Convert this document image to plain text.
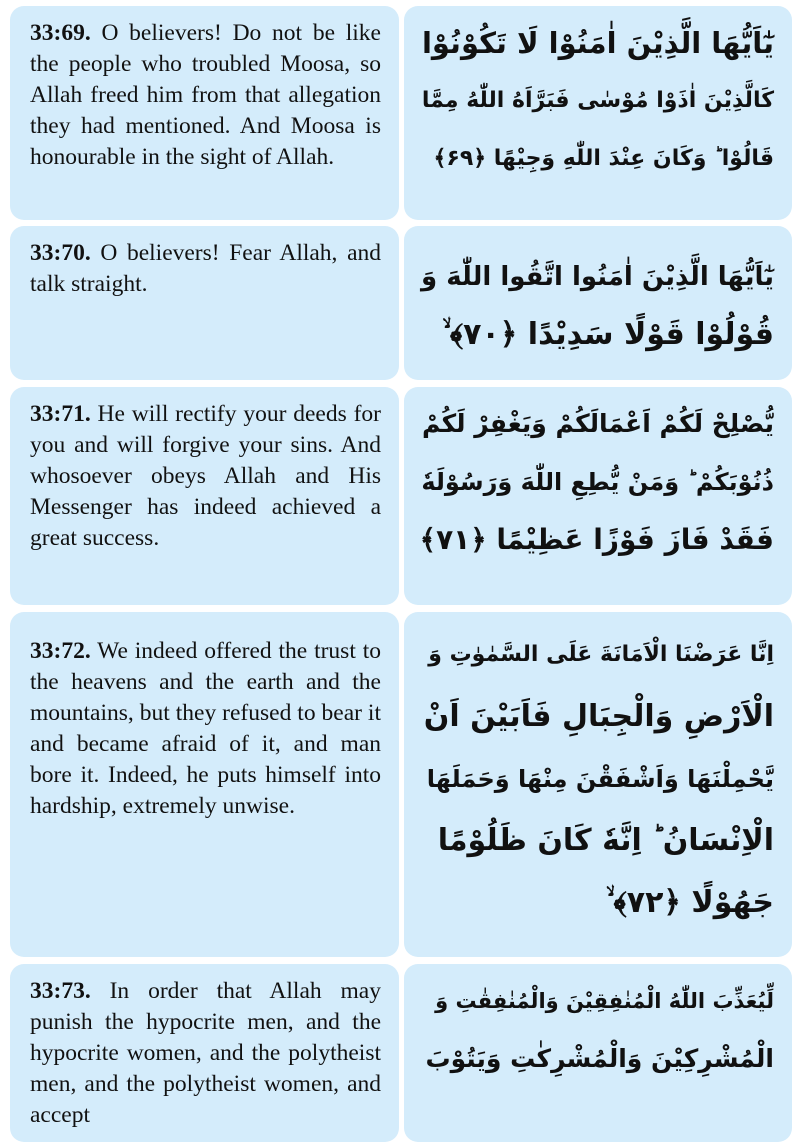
33:69. O believers! Do not be like the people who troubled Moosa, so Allah freed him from that allegation they had mentioned. And Moosa is honourable in the sight of Allah.

يٰٓاَيُّهَا الَّذِيْنَ اٰمَنُوْا لَا تَكُوْنُوْا
كَالَّذِيْنَ اٰذَوْا مُوْسٰى فَبَرَّاَهُ اللّٰهُ مِمَّا
قَالُوْا ؕ وَكَانَ عِنْدَ اللّٰهِ وَجِيْهًا ﴿۶۹﴾

33:70. O believers! Fear Allah, and talk straight.	يٰٓاَيُّهَا الَّذِيْنَ اٰمَنُوا اتَّقُوا اللّٰهَ وَ
قُوْلُوْا قَوْلًا سَدِيْدًا ﴿۷۰﴾ ۙ

33:71. He will rectify your deeds for you and will forgive your sins. And whosoever obeys Allah and His Messenger has indeed achieved a great success.

يُّصْلِحْ لَكُمْ اَعْمَالَكُمْ وَيَغْفِرْ لَكُمْ
ذُنُوْبَكُمْ ؕ وَمَنْ يُّطِعِ اللّٰهَ وَرَسُوْلَهٗ
فَقَدْ فَازَ فَوْزًا عَظِيْمًا ﴿۷۱﴾

33:72. We indeed offered the trust to the heavens and the earth and the mountains, but they refused to bear it and became afraid of it, and man bore it. Indeed, he puts himself into hardship, extremely unwise.

اِنَّا عَرَضْنَا الْاَمَانَةَ عَلَى السَّمٰوٰتِ وَ
الْاَرْضِ وَالْجِبَالِ فَاَبَيْنَ اَنْ
يَّحْمِلْنَهَا وَاَشْفَقْنَ مِنْهَا وَحَمَلَهَا
الْاِنْسَانُ ؕ اِنَّهٗ كَانَ ظَلُوْمًا
جَهُوْلًا ﴿۷۲﴾ ۙ

33:73. In order that Allah may punish the hypocrite men, and the hypocrite women, and the polytheist men, and the polytheist women, and accept

لِّيُعَذِّبَ اللّٰهُ الْمُنٰفِقِيْنَ وَالْمُنٰفِقٰتِ وَ
الْمُشْرِكِيْنَ وَالْمُشْرِكٰتِ وَيَتُوْبَ
